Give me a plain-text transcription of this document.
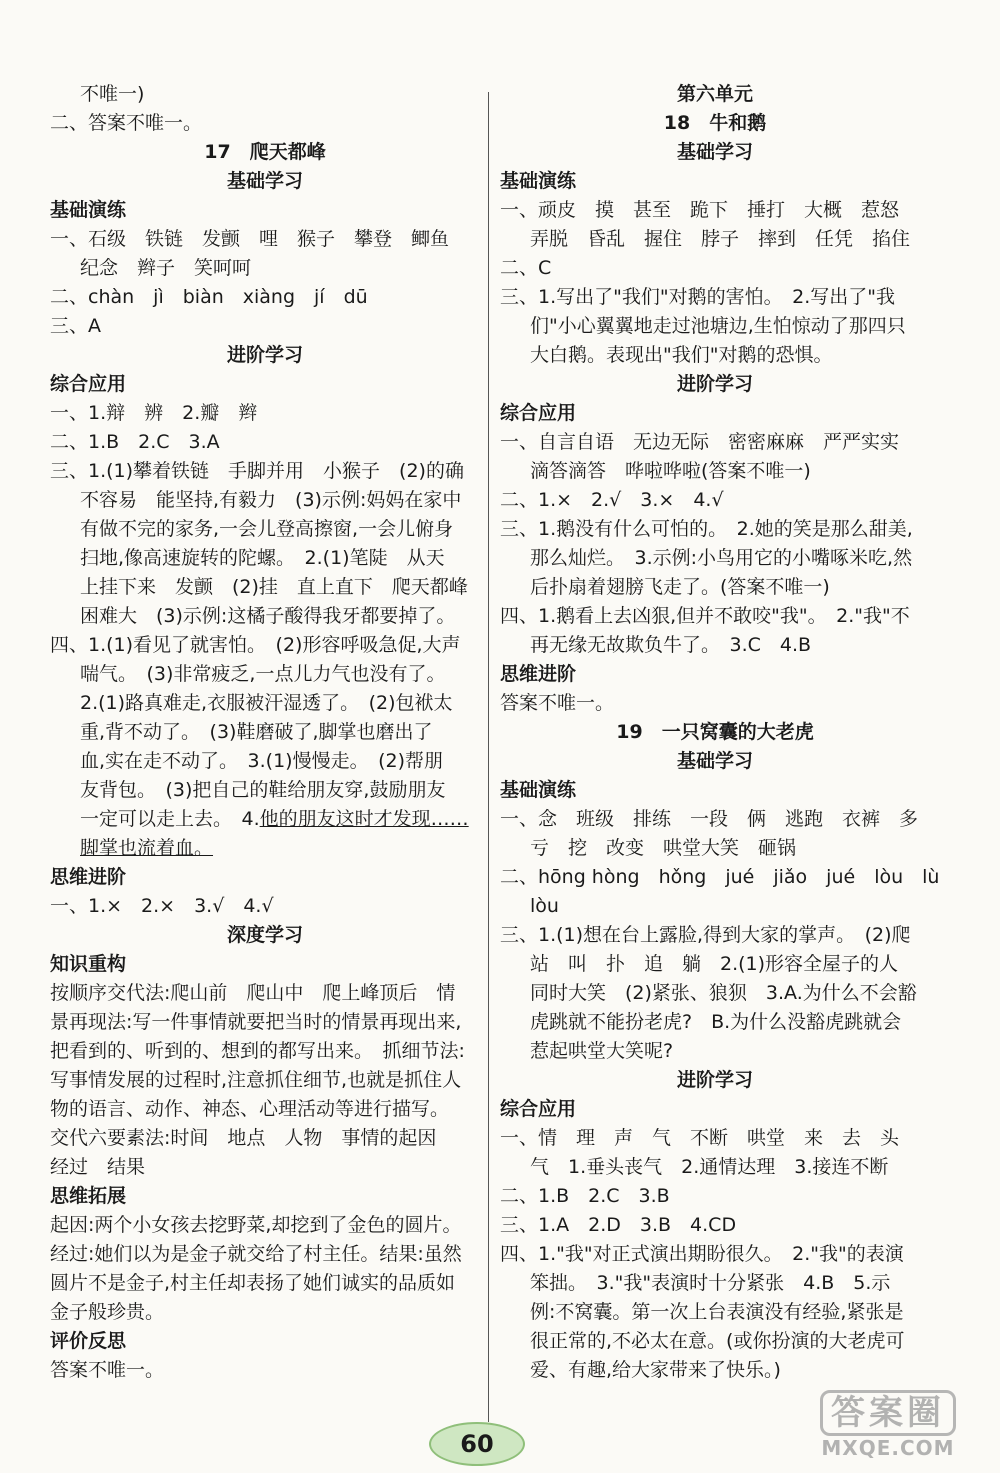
不唯一)
二、答案不唯一。
17　爬天都峰
基础学习
基础演练
一、石级　铁链　发颤　哩　猴子　攀登　鲫鱼
纪念　辫子　笑呵呵
二、chàn　jì　biàn　xiàng　jí　dū
三、A
进阶学习
综合应用
一、1.辩　辨　2.瓣　辫
二、1.B　2.C　3.A
三、1.(1)攀着铁链　手脚并用　小猴子　(2)的确
不容易　能坚持,有毅力　(3)示例:妈妈在家中
有做不完的家务,一会儿登高擦窗,一会儿俯身
扫地,像高速旋转的陀螺。　2.(1)笔陡　从天
上挂下来　发颤　(2)挂　直上直下　爬天都峰
困难大　(3)示例:这橘子酸得我牙都要掉了。
四、1.(1)看见了就害怕。　(2)形容呼吸急促,大声
喘气。　(3)非常疲乏,一点儿力气也没有了。
2.(1)路真难走,衣服被汗湿透了。　(2)包袱太
重,背不动了。　(3)鞋磨破了,脚掌也磨出了
血,实在走不动了。　3.(1)慢慢走。　(2)帮朋
友背包。　(3)把自己的鞋给朋友穿,鼓励朋友
一定可以走上去。　4.他的朋友这时才发现……
脚掌也流着血。
思维进阶
一、1.×　2.×　3.√　4.√
深度学习
知识重构
按顺序交代法:爬山前　爬山中　爬上峰顶后　情
景再现法:写一件事情就要把当时的情景再现出来,
把看到的、听到的、想到的都写出来。　抓细节法:
写事情发展的过程时,注意抓住细节,也就是抓住人
物的语言、动作、神态、心理活动等进行描写。
交代六要素法:时间　地点　人物　事情的起因
经过　结果
思维拓展
起因:两个小女孩去挖野菜,却挖到了金色的圆片。
经过:她们以为是金子就交给了村主任。结果:虽然
圆片不是金子,村主任却表扬了她们诚实的品质如
金子般珍贵。
评价反思
答案不唯一。
第六单元
18　牛和鹅
基础学习
基础演练
一、顽皮　摸　甚至　跪下　捶打　大概　惹怒
弄脱　昏乱　握住　脖子　摔到　任凭　掐住
二、C
三、1.写出了"我们"对鹅的害怕。　2.写出了"我
们"小心翼翼地走过池塘边,生怕惊动了那四只
大白鹅。表现出"我们"对鹅的恐惧。
进阶学习
综合应用
一、自言自语　无边无际　密密麻麻　严严实实
滴答滴答　哗啦哗啦(答案不唯一)
二、1.×　2.√　3.×　4.√
三、1.鹅没有什么可怕的。　2.她的笑是那么甜美,
那么灿烂。　3.示例:小鸟用它的小嘴啄米吃,然
后扑扇着翅膀飞走了。(答案不唯一)
四、1.鹅看上去凶狠,但并不敢咬"我"。　2."我"不
再无缘无故欺负牛了。　3.C　4.B
思维进阶
答案不唯一。
19　一只窝囊的大老虎
基础学习
基础演练
一、念　班级　排练　一段　俩　逃跑　衣裤　多
亏　挖　改变　哄堂大笑　砸锅
二、hōng hòng　hǒng　jué　jiǎo　jué　lòu　lù
lòu
三、1.(1)想在台上露脸,得到大家的掌声。　(2)爬
站　叫　扑　追　躺　2.(1)形容全屋子的人
同时大笑　(2)紧张、狼狈　3.A.为什么不会豁
虎跳就不能扮老虎?　B.为什么没豁虎跳就会
惹起哄堂大笑呢?
进阶学习
综合应用
一、情　理　声　气　不断　哄堂　来　去　头
气　1.垂头丧气　2.通情达理　3.接连不断
二、1.B　2.C　3.B
三、1.A　2.D　3.B　4.CD
四、1."我"对正式演出期盼很久。　2."我"的表演
笨拙。　3."我"表演时十分紧张　4.B　5.示
例:不窝囊。第一次上台表演没有经验,紧张是
很正常的,不必太在意。(或你扮演的大老虎可
爱、有趣,给大家带来了快乐。)
60
答案圈
MXQE.COM
